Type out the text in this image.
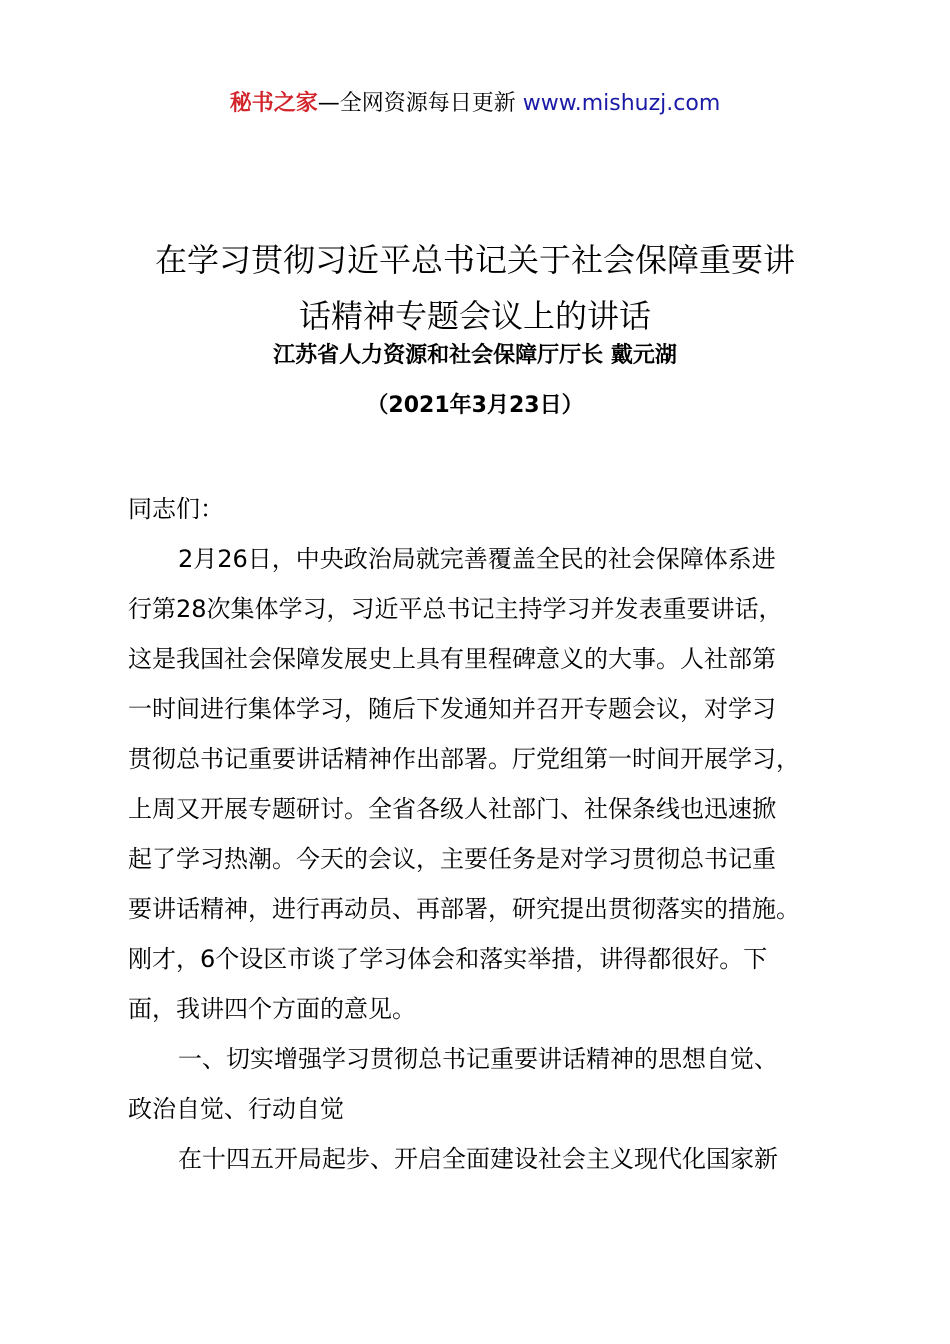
秘书之家—全网资源每日更新 www.mishuzj.com
在学习贯彻习近平总书记关于社会保障重要讲
话精神专题会议上的讲话
江苏省人力资源和社会保障厅厅长 戴元湖
（2021年3月23日）

同志们：

2月26日，中央政治局就完善覆盖全民的社会保障体系进

行第28次集体学习，习近平总书记主持学习并发表重要讲话，

这是我国社会保障发展史上具有里程碑意义的大事。人社部第

一时间进行集体学习，随后下发通知并召开专题会议，对学习

贯彻总书记重要讲话精神作出部署。厅党组第一时间开展学习，

上周又开展专题研讨。全省各级人社部门、社保条线也迅速掀

起了学习热潮。今天的会议，主要任务是对学习贯彻总书记重

要讲话精神，进行再动员、再部署，研究提出贯彻落实的措施。

刚才，6个设区市谈了学习体会和落实举措，讲得都很好。下

面，我讲四个方面的意见。

一、切实增强学习贯彻总书记重要讲话精神的思想自觉、

政治自觉、行动自觉

在十四五开局起步、开启全面建设社会主义现代化国家新
